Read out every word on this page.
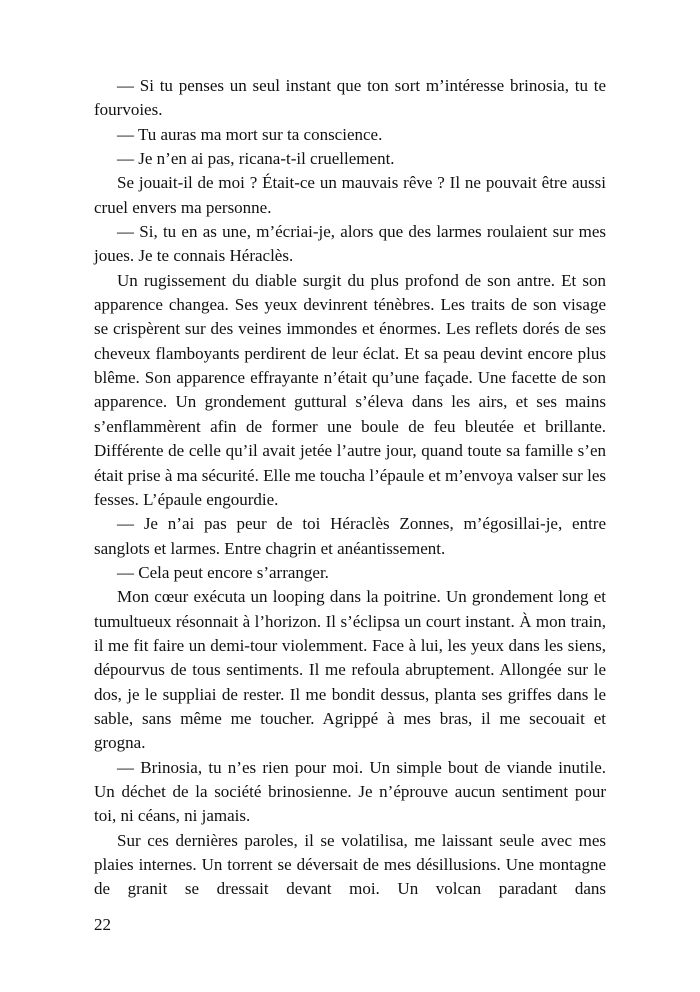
— Si tu penses un seul instant que ton sort m’intéresse brinosia, tu te fourvoies.

— Tu auras ma mort sur ta conscience.

— Je n’en ai pas, ricana-t-il cruellement.

Se jouait-il de moi ? Était-ce un mauvais rêve ? Il ne pouvait être aussi cruel envers ma personne.

— Si, tu en as une, m’écriai-je, alors que des larmes roulaient sur mes joues. Je te connais Héraclès.

Un rugissement du diable surgit du plus profond de son antre. Et son apparence changea. Ses yeux devinrent ténèbres. Les traits de son visage se crispèrent sur des veines immondes et énormes. Les reflets dorés de ses cheveux flamboyants perdirent de leur éclat. Et sa peau devint encore plus blême. Son apparence effrayante n’était qu’une façade. Une facette de son apparence. Un grondement guttural s’éleva dans les airs, et ses mains s’enflammèrent afin de former une boule de feu bleutée et brillante. Différente de celle qu’il avait jetée l’autre jour, quand toute sa famille s’en était prise à ma sécurité. Elle me toucha l’épaule et m’envoya valser sur les fesses. L’épaule engourdie.

— Je n’ai pas peur de toi Héraclès Zonnes, m’égosillai-je, entre sanglots et larmes. Entre chagrin et anéantissement.

— Cela peut encore s’arranger.

Mon cœur exécuta un looping dans la poitrine. Un grondement long et tumultueux résonnait à l’horizon. Il s’éclipsa un court instant. À mon train, il me fit faire un demi-tour violemment. Face à lui, les yeux dans les siens, dépourvus de tous sentiments. Il me refoula abruptement. Allongée sur le dos, je le suppliai de rester. Il me bondit dessus, planta ses griffes dans le sable, sans même me toucher. Agrippé à mes bras, il me secouait et grogna.

— Brinosia, tu n’es rien pour moi. Un simple bout de viande inutile. Un déchet de la société brinosienne. Je n’éprouve aucun sentiment pour toi, ni céans, ni jamais.

Sur ces dernières paroles, il se volatilisa, me laissant seule avec mes plaies internes. Un torrent se déversait de mes désillusions. Une montagne de granit se dressait devant moi. Un volcan paradant dans

22
